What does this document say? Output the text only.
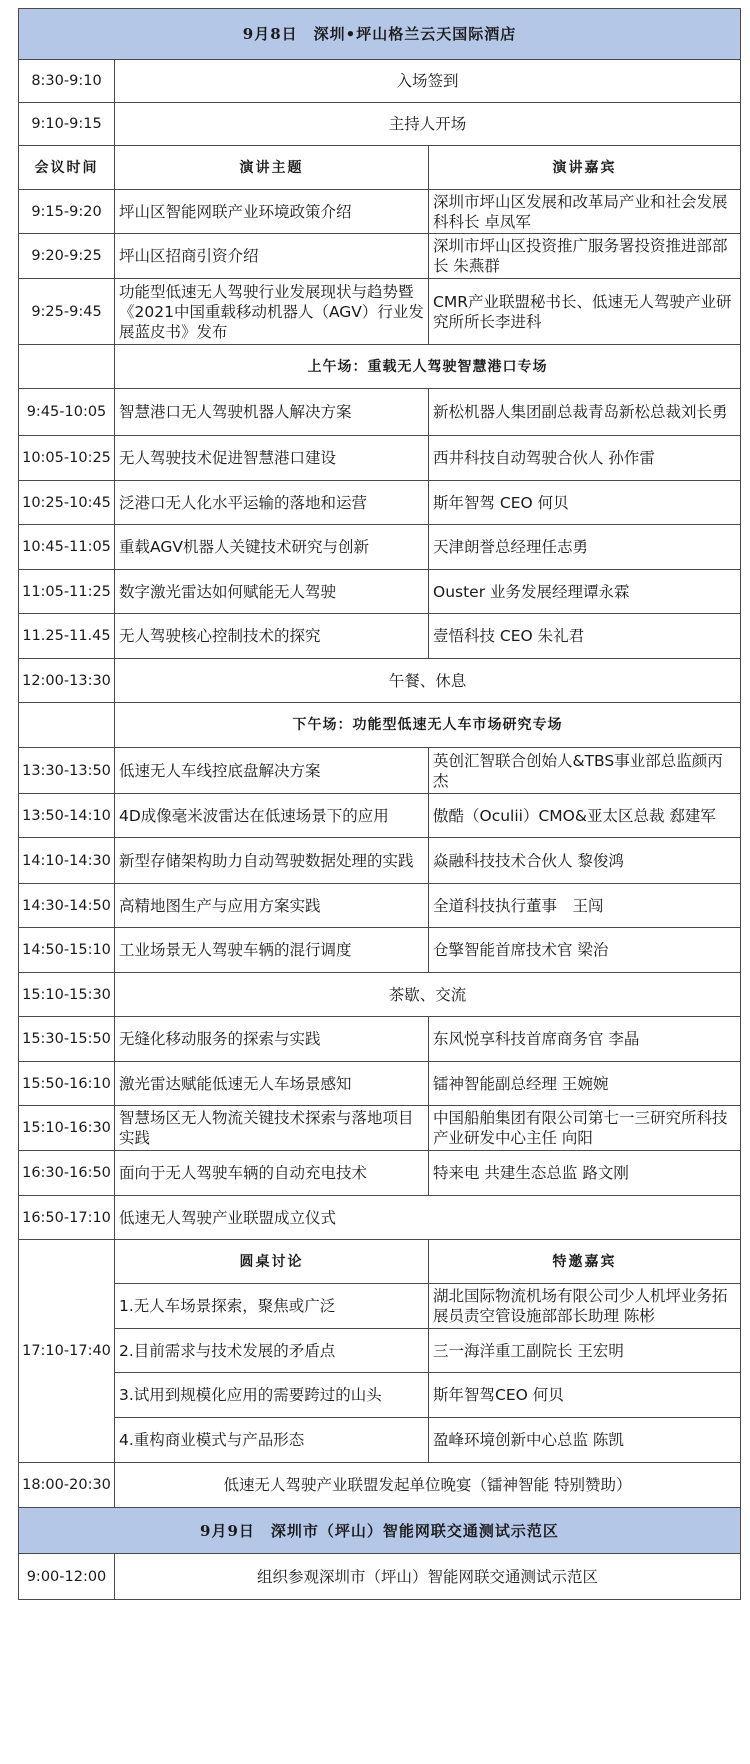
9月8日　深圳•坪山格兰云天国际酒店		
8:30-9:10	入场签到	
9:10-9:15	主持人开场	
会议时间	演讲主题	演讲嘉宾
9:15-9:20	坪山区智能网联产业环境政策介绍	深圳市坪山区发展和改革局产业和社会发展科科长 卓凤军
9:20-9:25	坪山区招商引资介绍	深圳市坪山区投资推广服务署投资推进部部长 朱燕群
9:25-9:45	功能型低速无人驾驶行业发展现状与趋势暨《2021中国重载移动机器人（AGV）行业发展蓝皮书》发布	CMR产业联盟秘书长、低速无人驾驶产业研究所所长李进科
	上午场：重载无人驾驶智慧港口专场	
9:45-10:05	智慧港口无人驾驶机器人解决方案	新松机器人集团副总裁青岛新松总裁刘长勇
10:05-10:25	无人驾驶技术促进智慧港口建设	西井科技自动驾驶合伙人 孙作雷
10:25-10:45	泛港口无人化水平运输的落地和运营	斯年智驾 CEO 何贝
10:45-11:05	重载AGV机器人关键技术研究与创新	天津朗誉总经理任志勇
11:05-11:25	数字激光雷达如何赋能无人驾驶	Ouster 业务发展经理谭永霖
11.25-11.45	无人驾驶核心控制技术的探究	壹悟科技 CEO 朱礼君
12:00-13:30	午餐、休息	
	下午场：功能型低速无人车市场研究专场	
13:30-13:50	低速无人车线控底盘解决方案	英创汇智联合创始人&TBS事业部总监颜丙杰
13:50-14:10	4D成像毫米波雷达在低速场景下的应用	傲酷（Oculii）CMO&亚太区总裁 郄建军
14:10-14:30	新型存储架构助力自动驾驶数据处理的实践	焱融科技技术合伙人 黎俊鸿
14:30-14:50	高精地图生产与应用方案实践	全道科技执行董事　王闯
14:50-15:10	工业场景无人驾驶车辆的混行调度	仓擎智能首席技术官 梁治
15:10-15:30	茶歇、交流	
15:30-15:50	无缝化移动服务的探索与实践	东风悦享科技首席商务官 李晶
15:50-16:10	激光雷达赋能低速无人车场景感知	镭神智能副总经理 王婉婉
15:10-16:30	智慧场区无人物流关键技术探索与落地项目实践	中国船舶集团有限公司第七一三研究所科技产业研发中心主任 向阳
16:30-16:50	面向于无人驾驶车辆的自动充电技术	特来电 共建生态总监 路文刚
16:50-17:10	低速无人驾驶产业联盟成立仪式	
17:10-17:40	圆桌讨论	特邀嘉宾
	1.无人车场景探索，聚焦或广泛	湖北国际物流机场有限公司少人机坪业务拓展员责空管设施部部长助理 陈彬
	2.目前需求与技术发展的矛盾点	三一海洋重工副院长 王宏明
	3.试用到规模化应用的需要跨过的山头	斯年智驾CEO 何贝
	4.重构商业模式与产品形态	盈峰环境创新中心总监 陈凯
18:00-20:30	低速无人驾驶产业联盟发起单位晚宴（镭神智能 特别赞助）	
9月9日　深圳市（坪山）智能网联交通测试示范区		
9:00-12:00	组织参观深圳市（坪山）智能网联交通测试示范区	
